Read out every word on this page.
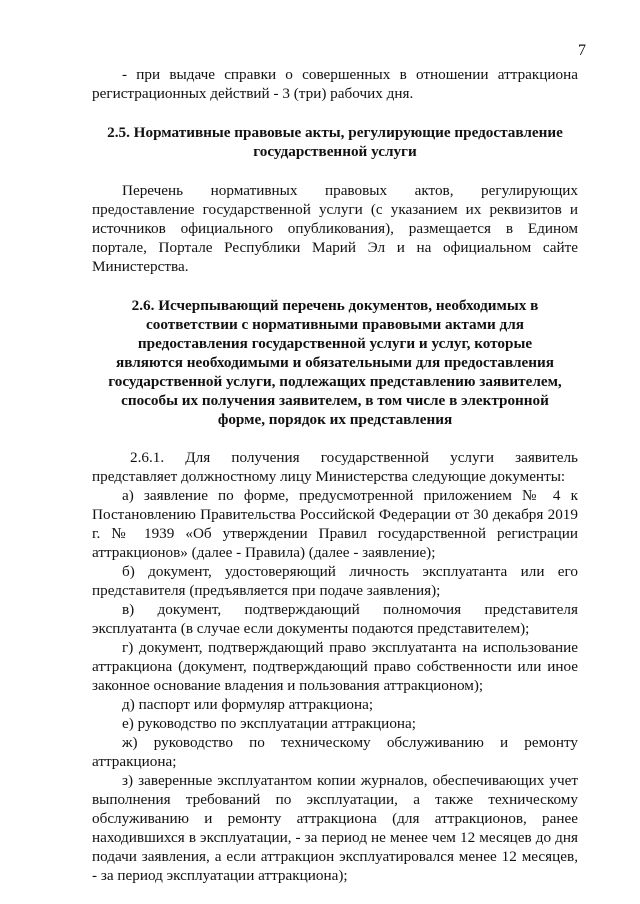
7

- при выдаче справки о совершенных в отношении аттракциона регистрационных действий - 3 (три) рабочих дня.

2.5. Нормативные правовые акты, регулирующие предоставление государственной услуги

Перечень нормативных правовых актов, регулирующих предоставление государственной услуги (с указанием их реквизитов и источников официального опубликования), размещается в Едином портале, Портале Республики Марий Эл и на официальном сайте Министерства.

2.6. Исчерпывающий перечень документов, необходимых в соответствии с нормативными правовыми актами для предоставления государственной услуги и услуг, которые являются необходимыми и обязательными для предоставления государственной услуги, подлежащих представлению заявителем, способы их получения заявителем, в том числе в электронной форме, порядок их представления

2.6.1. Для получения государственной услуги заявитель представляет должностному лицу Министерства следующие документы:

а) заявление по форме, предусмотренной приложением № 4 к Постановлению Правительства Российской Федерации от 30 декабря 2019 г. № 1939 «Об утверждении Правил государственной регистрации аттракционов» (далее - Правила) (далее - заявление);

б) документ, удостоверяющий личность эксплуатанта или его представителя (предъявляется при подаче заявления);

в) документ, подтверждающий полномочия представителя эксплуатанта (в случае если документы подаются представителем);

г) документ, подтверждающий право эксплуатанта на использование аттракциона (документ, подтверждающий право собственности или иное законное основание владения и пользования аттракционом);

д) паспорт или формуляр аттракциона;

е) руководство по эксплуатации аттракциона;

ж) руководство по техническому обслуживанию и ремонту аттракциона;

з) заверенные эксплуатантом копии журналов, обеспечивающих учет выполнения требований по эксплуатации, а также техническому обслуживанию и ремонту аттракциона (для аттракционов, ранее находившихся в эксплуатации, - за период не менее чем 12 месяцев до дня подачи заявления, а если аттракцион эксплуатировался менее 12 месяцев, - за период эксплуатации аттракциона);
